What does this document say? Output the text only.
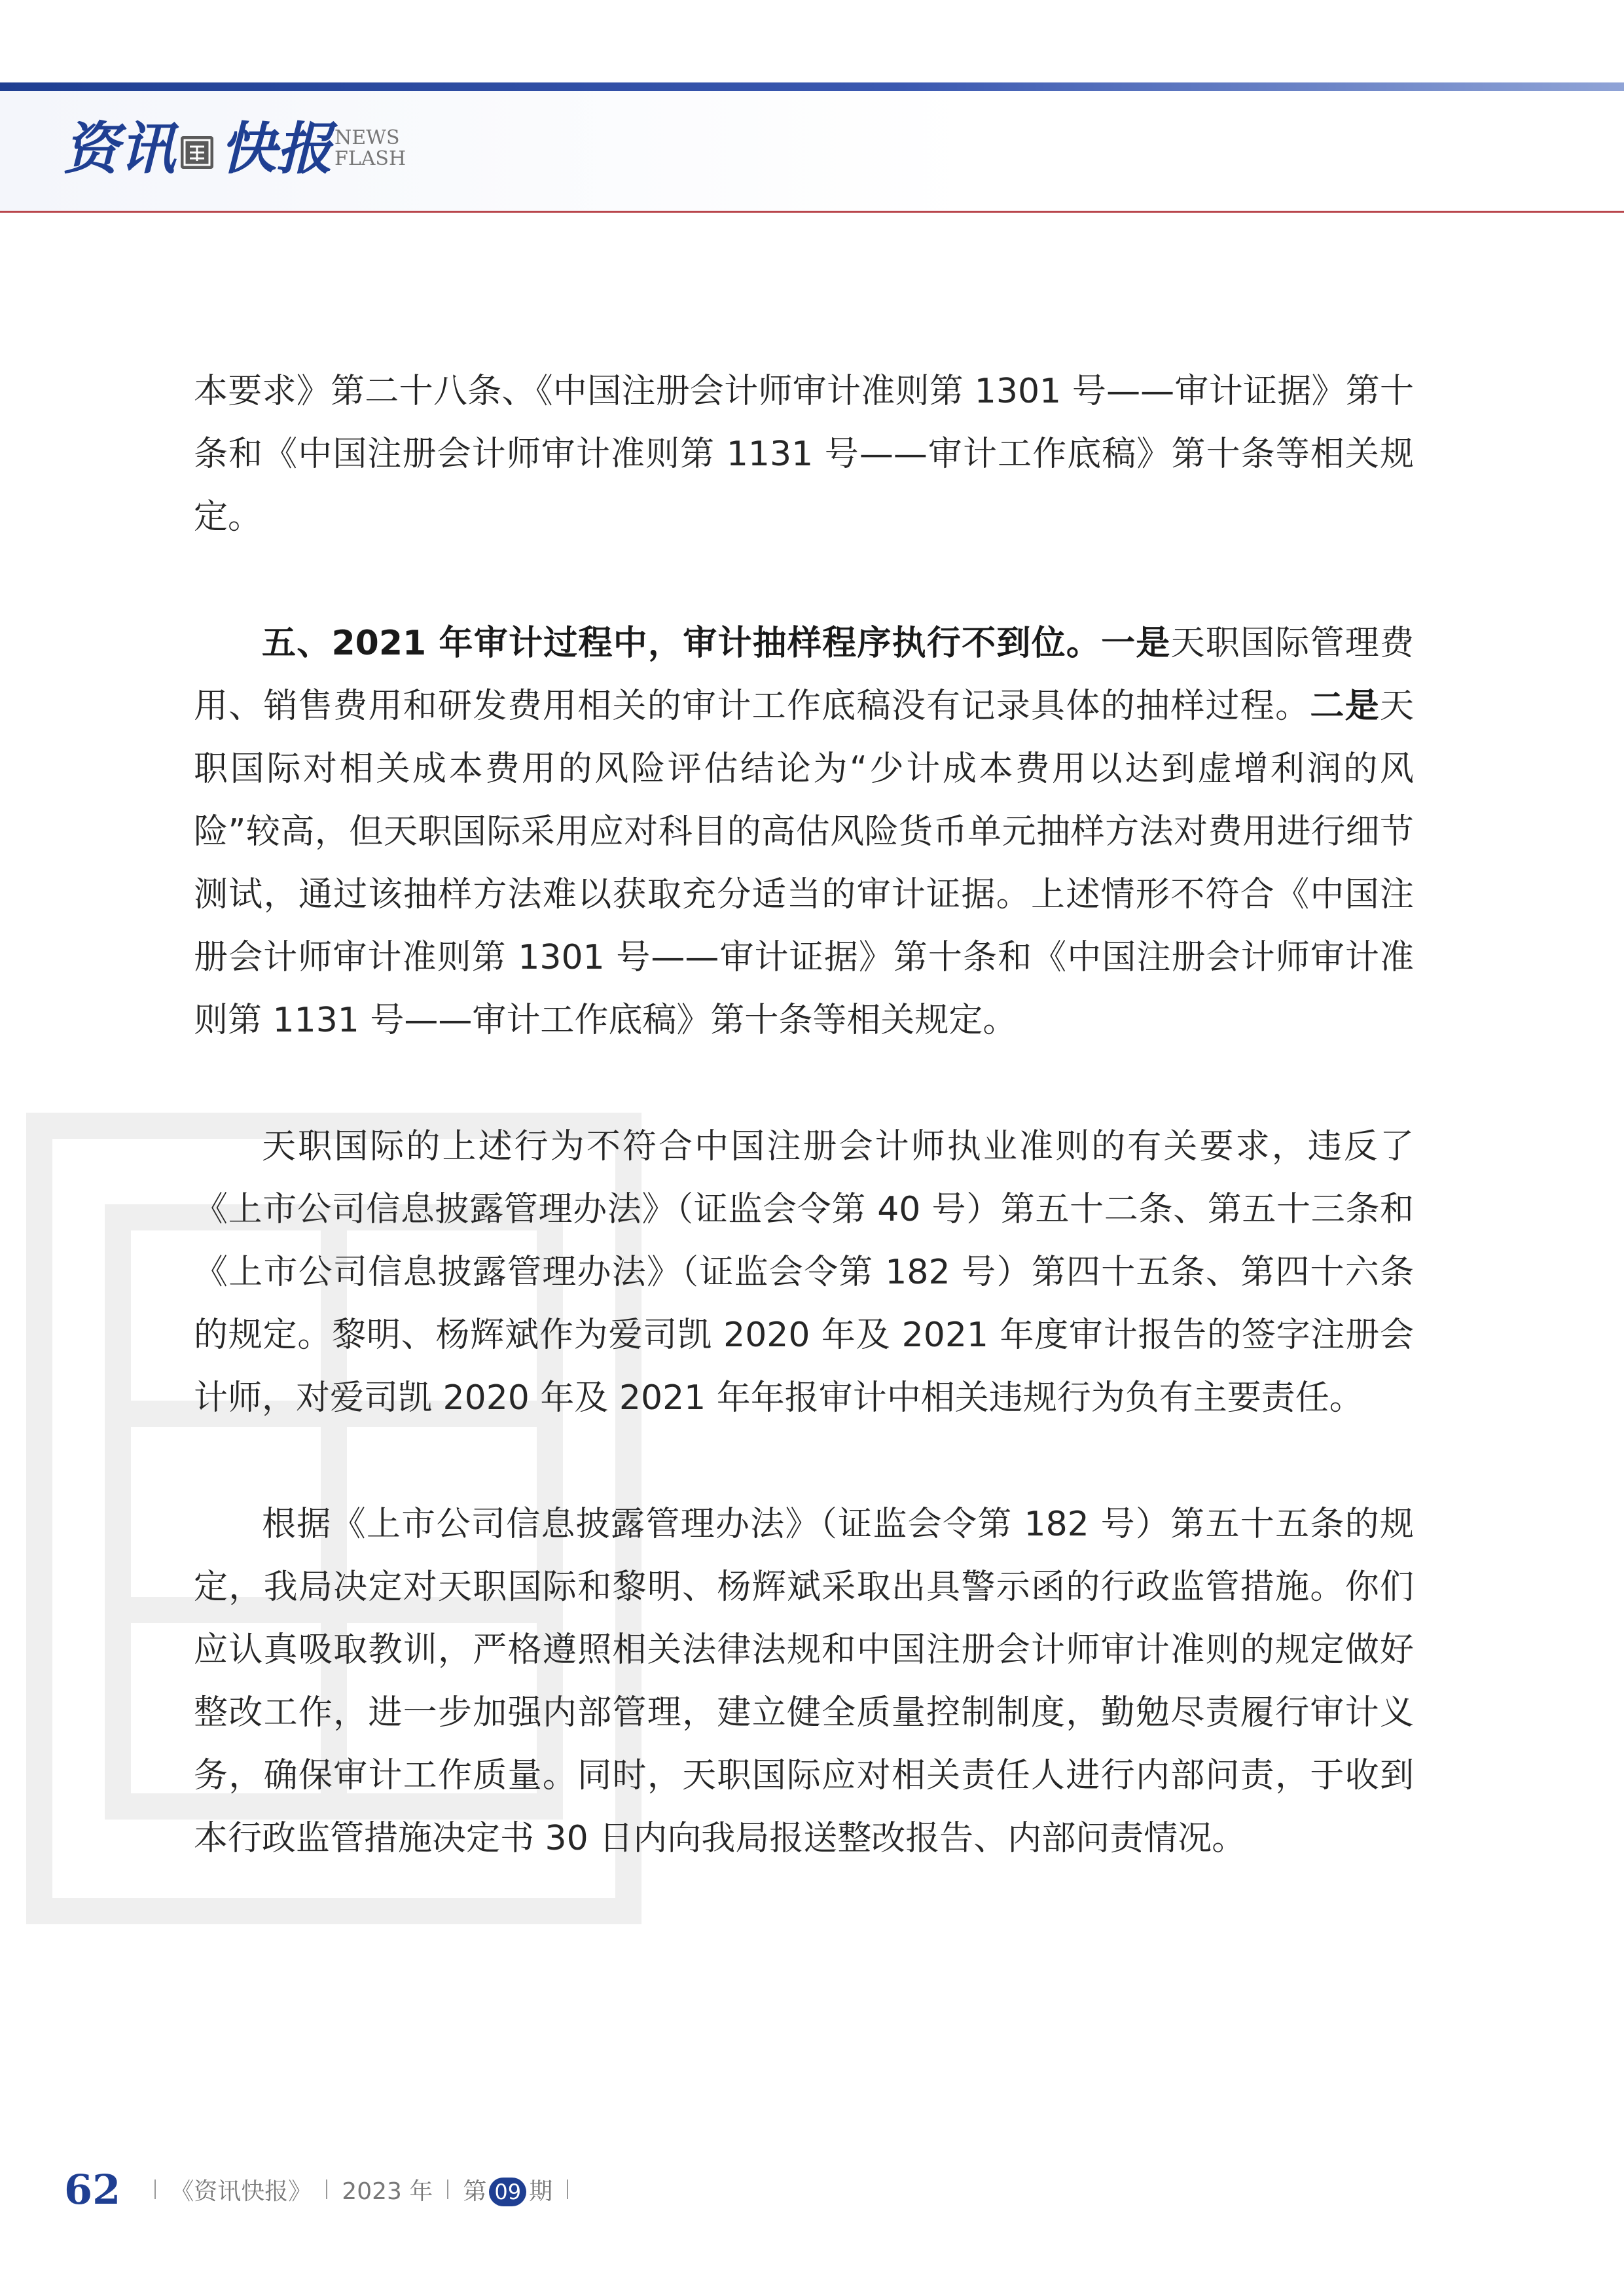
资讯 快报 NEWS
FLASH

本要求》第二十八条、《中国注册会计师审计准则第 1301 号——审计证据》第十条和《中国注册会计师审计准则第 1131 号——审计工作底稿》第十条等相关规定。

五、2021 年审计过程中，审计抽样程序执行不到位。一是天职国际管理费用、销售费用和研发费用相关的审计工作底稿没有记录具体的抽样过程。二是天职国际对相关成本费用的风险评估结论为“少计成本费用以达到虚增利润的风险”较高，但天职国际采用应对科目的高估风险货币单元抽样方法对费用进行细节测试，通过该抽样方法难以获取充分适当的审计证据。上述情形不符合《中国注册会计师审计准则第 1301 号——审计证据》第十条和《中国注册会计师审计准则第 1131 号——审计工作底稿》第十条等相关规定。

天职国际的上述行为不符合中国注册会计师执业准则的有关要求，违反了《上市公司信息披露管理办法》（证监会令第 40 号）第五十二条、第五十三条和《上市公司信息披露管理办法》（证监会令第 182 号）第四十五条、第四十六条的规定。黎明、杨辉斌作为爱司凯 2020 年及 2021 年度审计报告的签字注册会计师，对爱司凯 2020 年及 2021 年年报审计中相关违规行为负有主要责任。

根据《上市公司信息披露管理办法》（证监会令第 182 号）第五十五条的规定，我局决定对天职国际和黎明、杨辉斌采取出具警示函的行政监管措施。你们应认真吸取教训，严格遵照相关法律法规和中国注册会计师审计准则的规定做好整改工作，进一步加强内部管理，建立健全质量控制制度，勤勉尽责履行审计义务，确保审计工作质量。同时，天职国际应对相关责任人进行内部问责，于收到本行政监管措施决定书 30 日内向我局报送整改报告、内部问责情况。

62 《资讯快报》 2023 年 第 09 期
